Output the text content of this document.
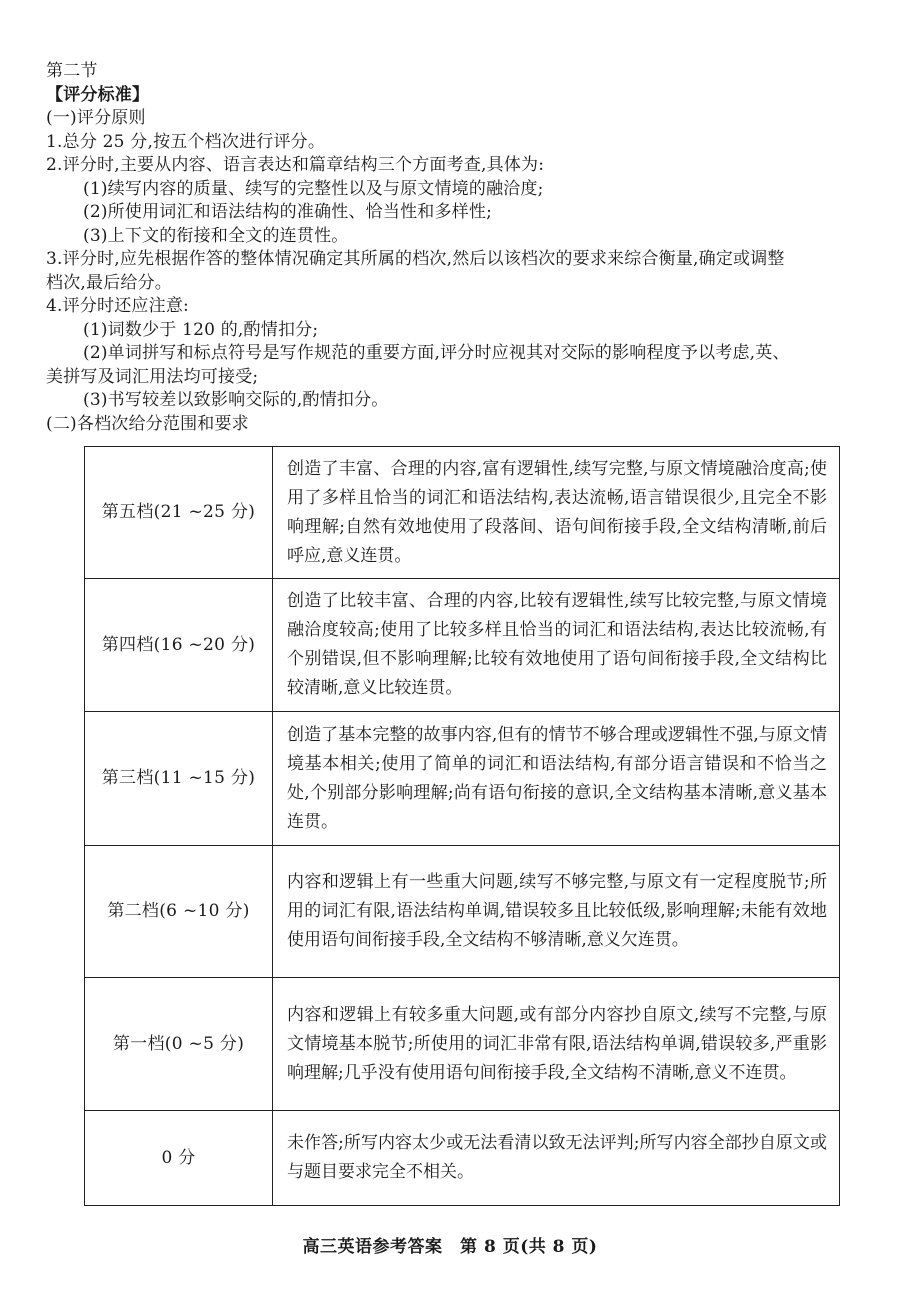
第二节
【评分标准】
(一)评分原则
1.总分 25 分,按五个档次进行评分。
2.评分时,主要从内容、语言表达和篇章结构三个方面考查,具体为:
(1)续写内容的质量、续写的完整性以及与原文情境的融洽度;
(2)所使用词汇和语法结构的准确性、恰当性和多样性;
(3)上下文的衔接和全文的连贯性。
3.评分时,应先根据作答的整体情况确定其所属的档次,然后以该档次的要求来综合衡量,确定或调整
档次,最后给分。
4.评分时还应注意:
(1)词数少于 120 的,酌情扣分;
(2)单词拼写和标点符号是写作规范的重要方面,评分时应视其对交际的影响程度予以考虑,英、
美拼写及词汇用法均可接受;
(3)书写较差以致影响交际的,酌情扣分。
(二)各档次给分范围和要求
第五档(21 ~25 分)	创造了丰富、合理的内容,富有逻辑性,续写完整,与原文情境融洽度高;使用了多样且恰当的词汇和语法结构,表达流畅,语言错误很少,且完全不影响理解;自然有效地使用了段落间、语句间衔接手段,全文结构清晰,前后呼应,意义连贯。
第四档(16 ~20 分)	创造了比较丰富、合理的内容,比较有逻辑性,续写比较完整,与原文情境融洽度较高;使用了比较多样且恰当的词汇和语法结构,表达比较流畅,有个别错误,但不影响理解;比较有效地使用了语句间衔接手段,全文结构比较清晰,意义比较连贯。
第三档(11 ~15 分)	创造了基本完整的故事内容,但有的情节不够合理或逻辑性不强,与原文情境基本相关;使用了简单的词汇和语法结构,有部分语言错误和不恰当之处,个别部分影响理解;尚有语句衔接的意识,全文结构基本清晰,意义基本连贯。
第二档(6 ~10 分)	内容和逻辑上有一些重大问题,续写不够完整,与原文有一定程度脱节;所用的词汇有限,语法结构单调,错误较多且比较低级,影响理解;未能有效地使用语句间衔接手段,全文结构不够清晰,意义欠连贯。
第一档(0 ~5 分)	内容和逻辑上有较多重大问题,或有部分内容抄自原文,续写不完整,与原文情境基本脱节;所使用的词汇非常有限,语法结构单调,错误较多,严重影响理解;几乎没有使用语句间衔接手段,全文结构不清晰,意义不连贯。
0 分	未作答;所写内容太少或无法看清以致无法评判;所写内容全部抄自原文或与题目要求完全不相关。
高三英语参考答案　第 8 页(共 8 页)
